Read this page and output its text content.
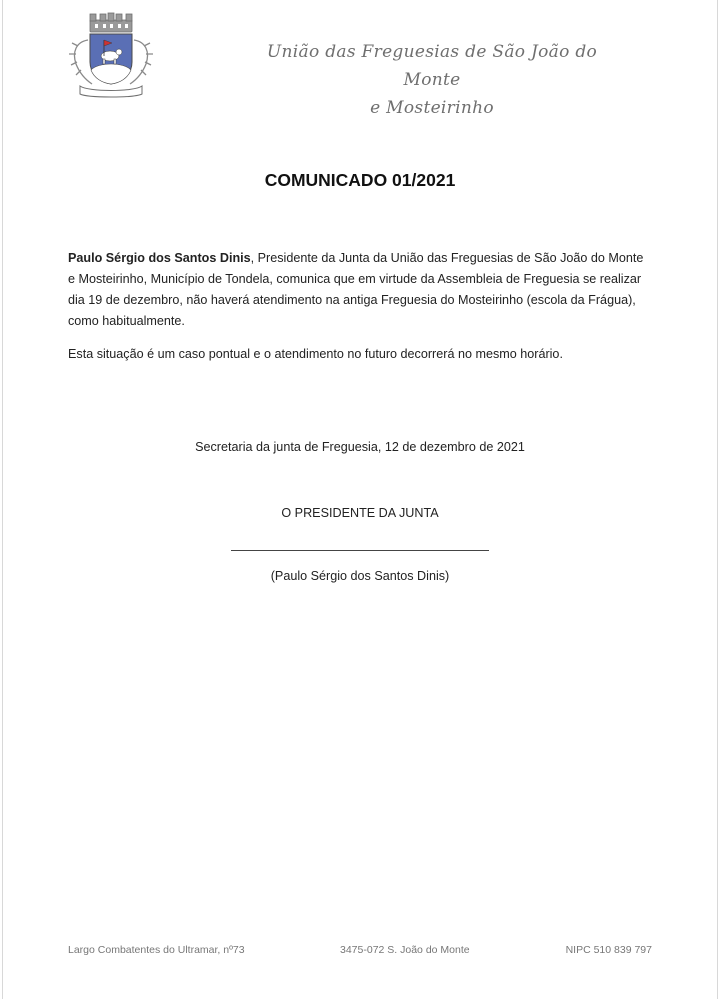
União das Freguesias de São João do Monte
e Mosteirinho
COMUNICADO 01/2021

Paulo Sérgio dos Santos Dinis, Presidente da Junta da União das Freguesias de São João do Monte e Mosteirinho, Município de Tondela, comunica que em virtude da Assembleia de Freguesia se realizar dia 19 de dezembro, não haverá atendimento na antiga Freguesia do Mosteirinho (escola da Frágua), como habitualmente.

Esta situação é um caso pontual e o atendimento no futuro decorrerá no mesmo horário.

Secretaria da junta de Freguesia, 12 de dezembro de 2021
O PRESIDENTE DA JUNTA
(Paulo Sérgio dos Santos Dinis)
Largo Combatentes do Ultramar, nº73	3475-072 S. João do Monte	NIPC 510 839 797
